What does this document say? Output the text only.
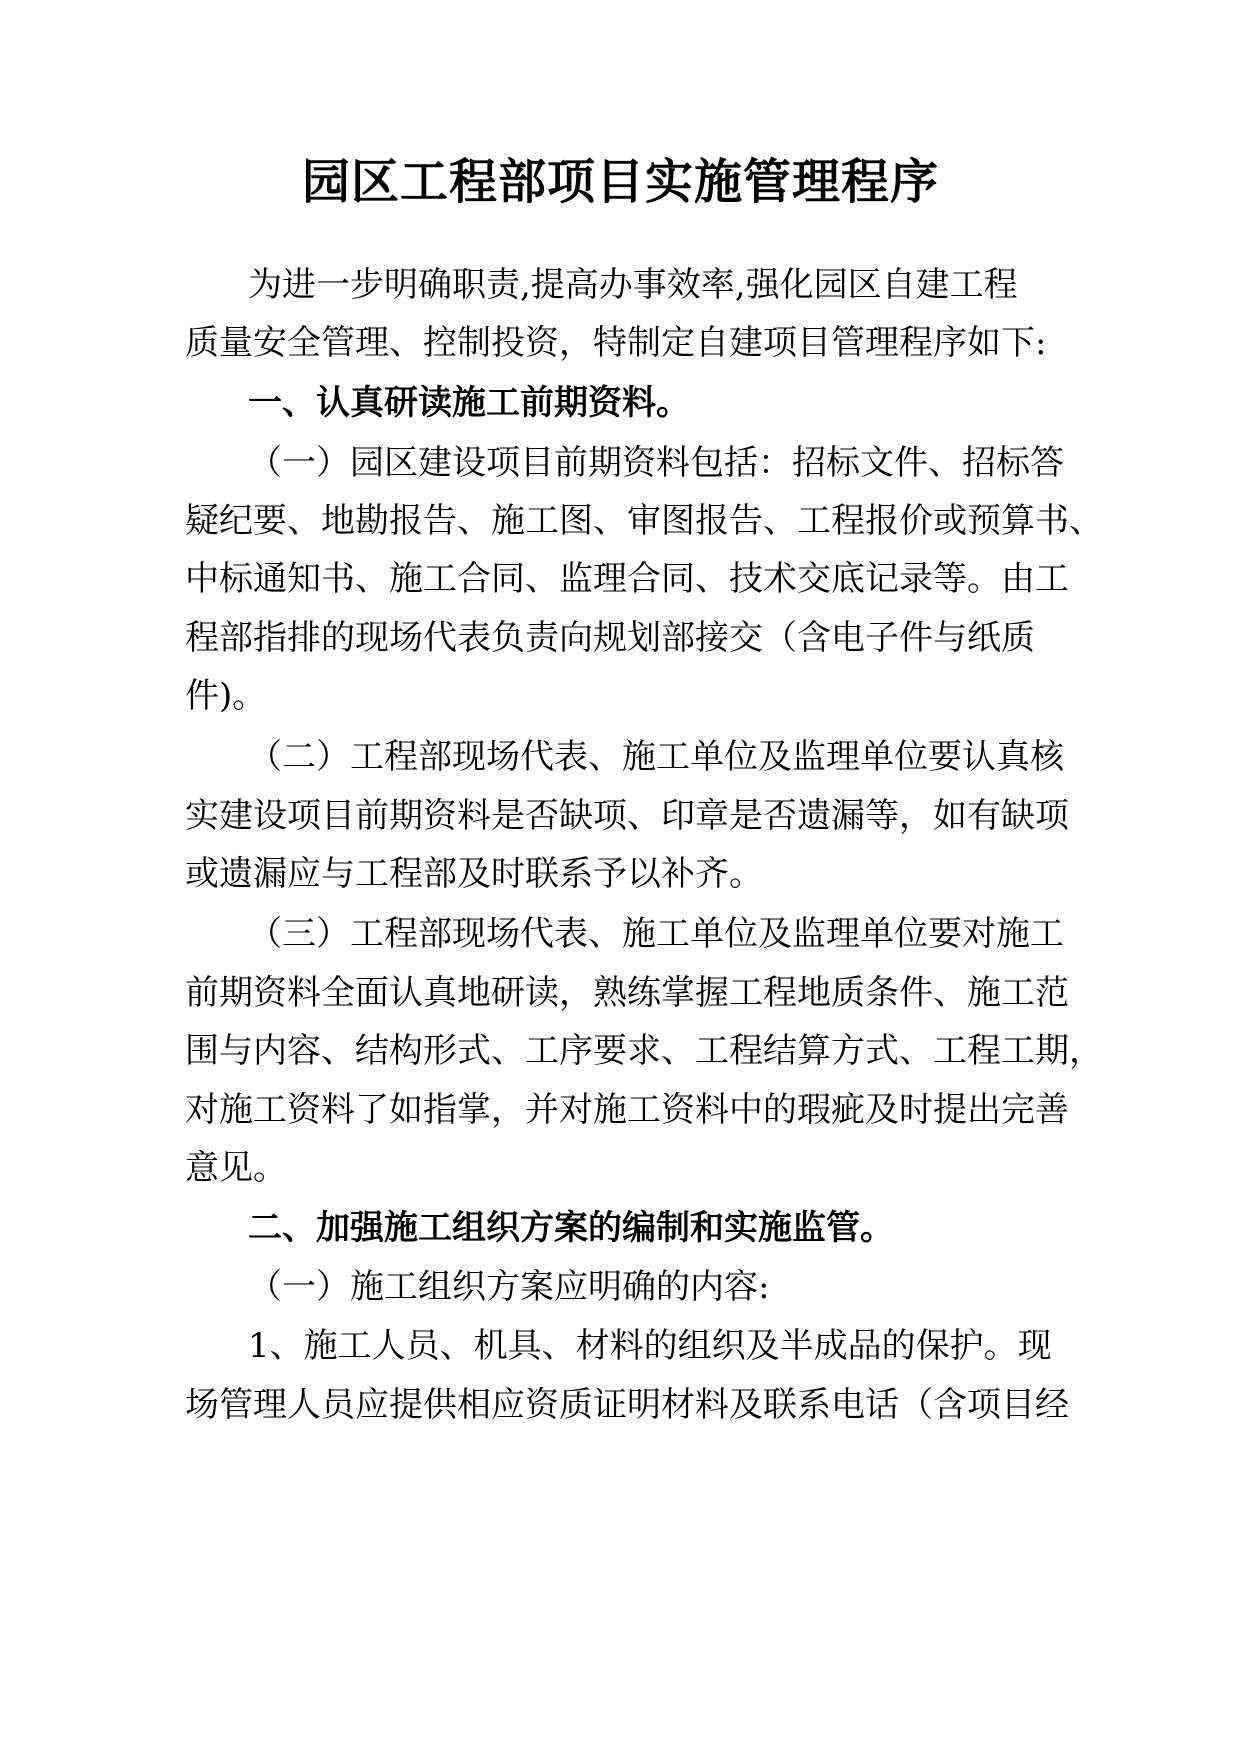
园区工程部项目实施管理程序
为进一步明确职责,提高办事效率,强化园区自建工程
质量安全管理、控制投资，特制定自建项目管理程序如下:
一、认真研读施工前期资料。
（一）园区建设项目前期资料包括：招标文件、招标答
疑纪要、地勘报告、施工图、审图报告、工程报价或预算书、
中标通知书、施工合同、监理合同、技术交底记录等。由工
程部指排的现场代表负责向规划部接交（含电子件与纸质
件)。
（二）工程部现场代表、施工单位及监理单位要认真核
实建设项目前期资料是否缺项、印章是否遗漏等，如有缺项
或遗漏应与工程部及时联系予以补齐。
（三）工程部现场代表、施工单位及监理单位要对施工
前期资料全面认真地研读，熟练掌握工程地质条件、施工范
围与内容、结构形式、工序要求、工程结算方式、工程工期，
对施工资料了如指掌，并对施工资料中的瑕疵及时提出完善
意见。
二、加强施工组织方案的编制和实施监管。
（一）施工组织方案应明确的内容:
1、施工人员、机具、材料的组织及半成品的保护。现
场管理人员应提供相应资质证明材料及联系电话（含项目经
